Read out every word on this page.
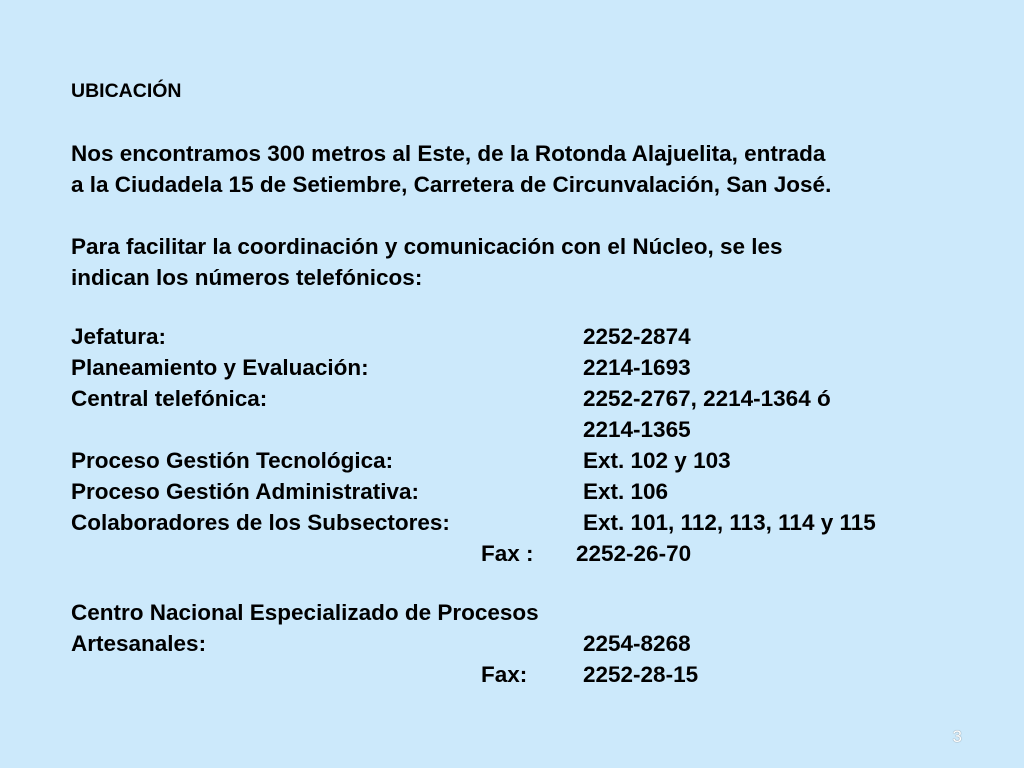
UBICACIÓN
Nos encontramos 300 metros al Este, de la Rotonda Alajuelita, entrada
a la Ciudadela 15 de Setiembre, Carretera de Circunvalación, San José.
Para facilitar la coordinación y comunicación con el Núcleo, se les
indican los números telefónicos:
Jefatura:	2252-2874
Planeamiento y Evaluación:	2214-1693
Central telefónica:	2252-2767, 2214-1364 ó
2214-1365
Proceso Gestión Tecnológica:	Ext. 102 y 103
Proceso Gestión Administrativa:	Ext. 106
Colaboradores de los Subsectores:	Ext. 101, 112, 113, 114 y 115
Fax : 2252-26-70
Centro Nacional Especializado de Procesos
Artesanales:	2254-8268
Fax: 2252-28-15
3
